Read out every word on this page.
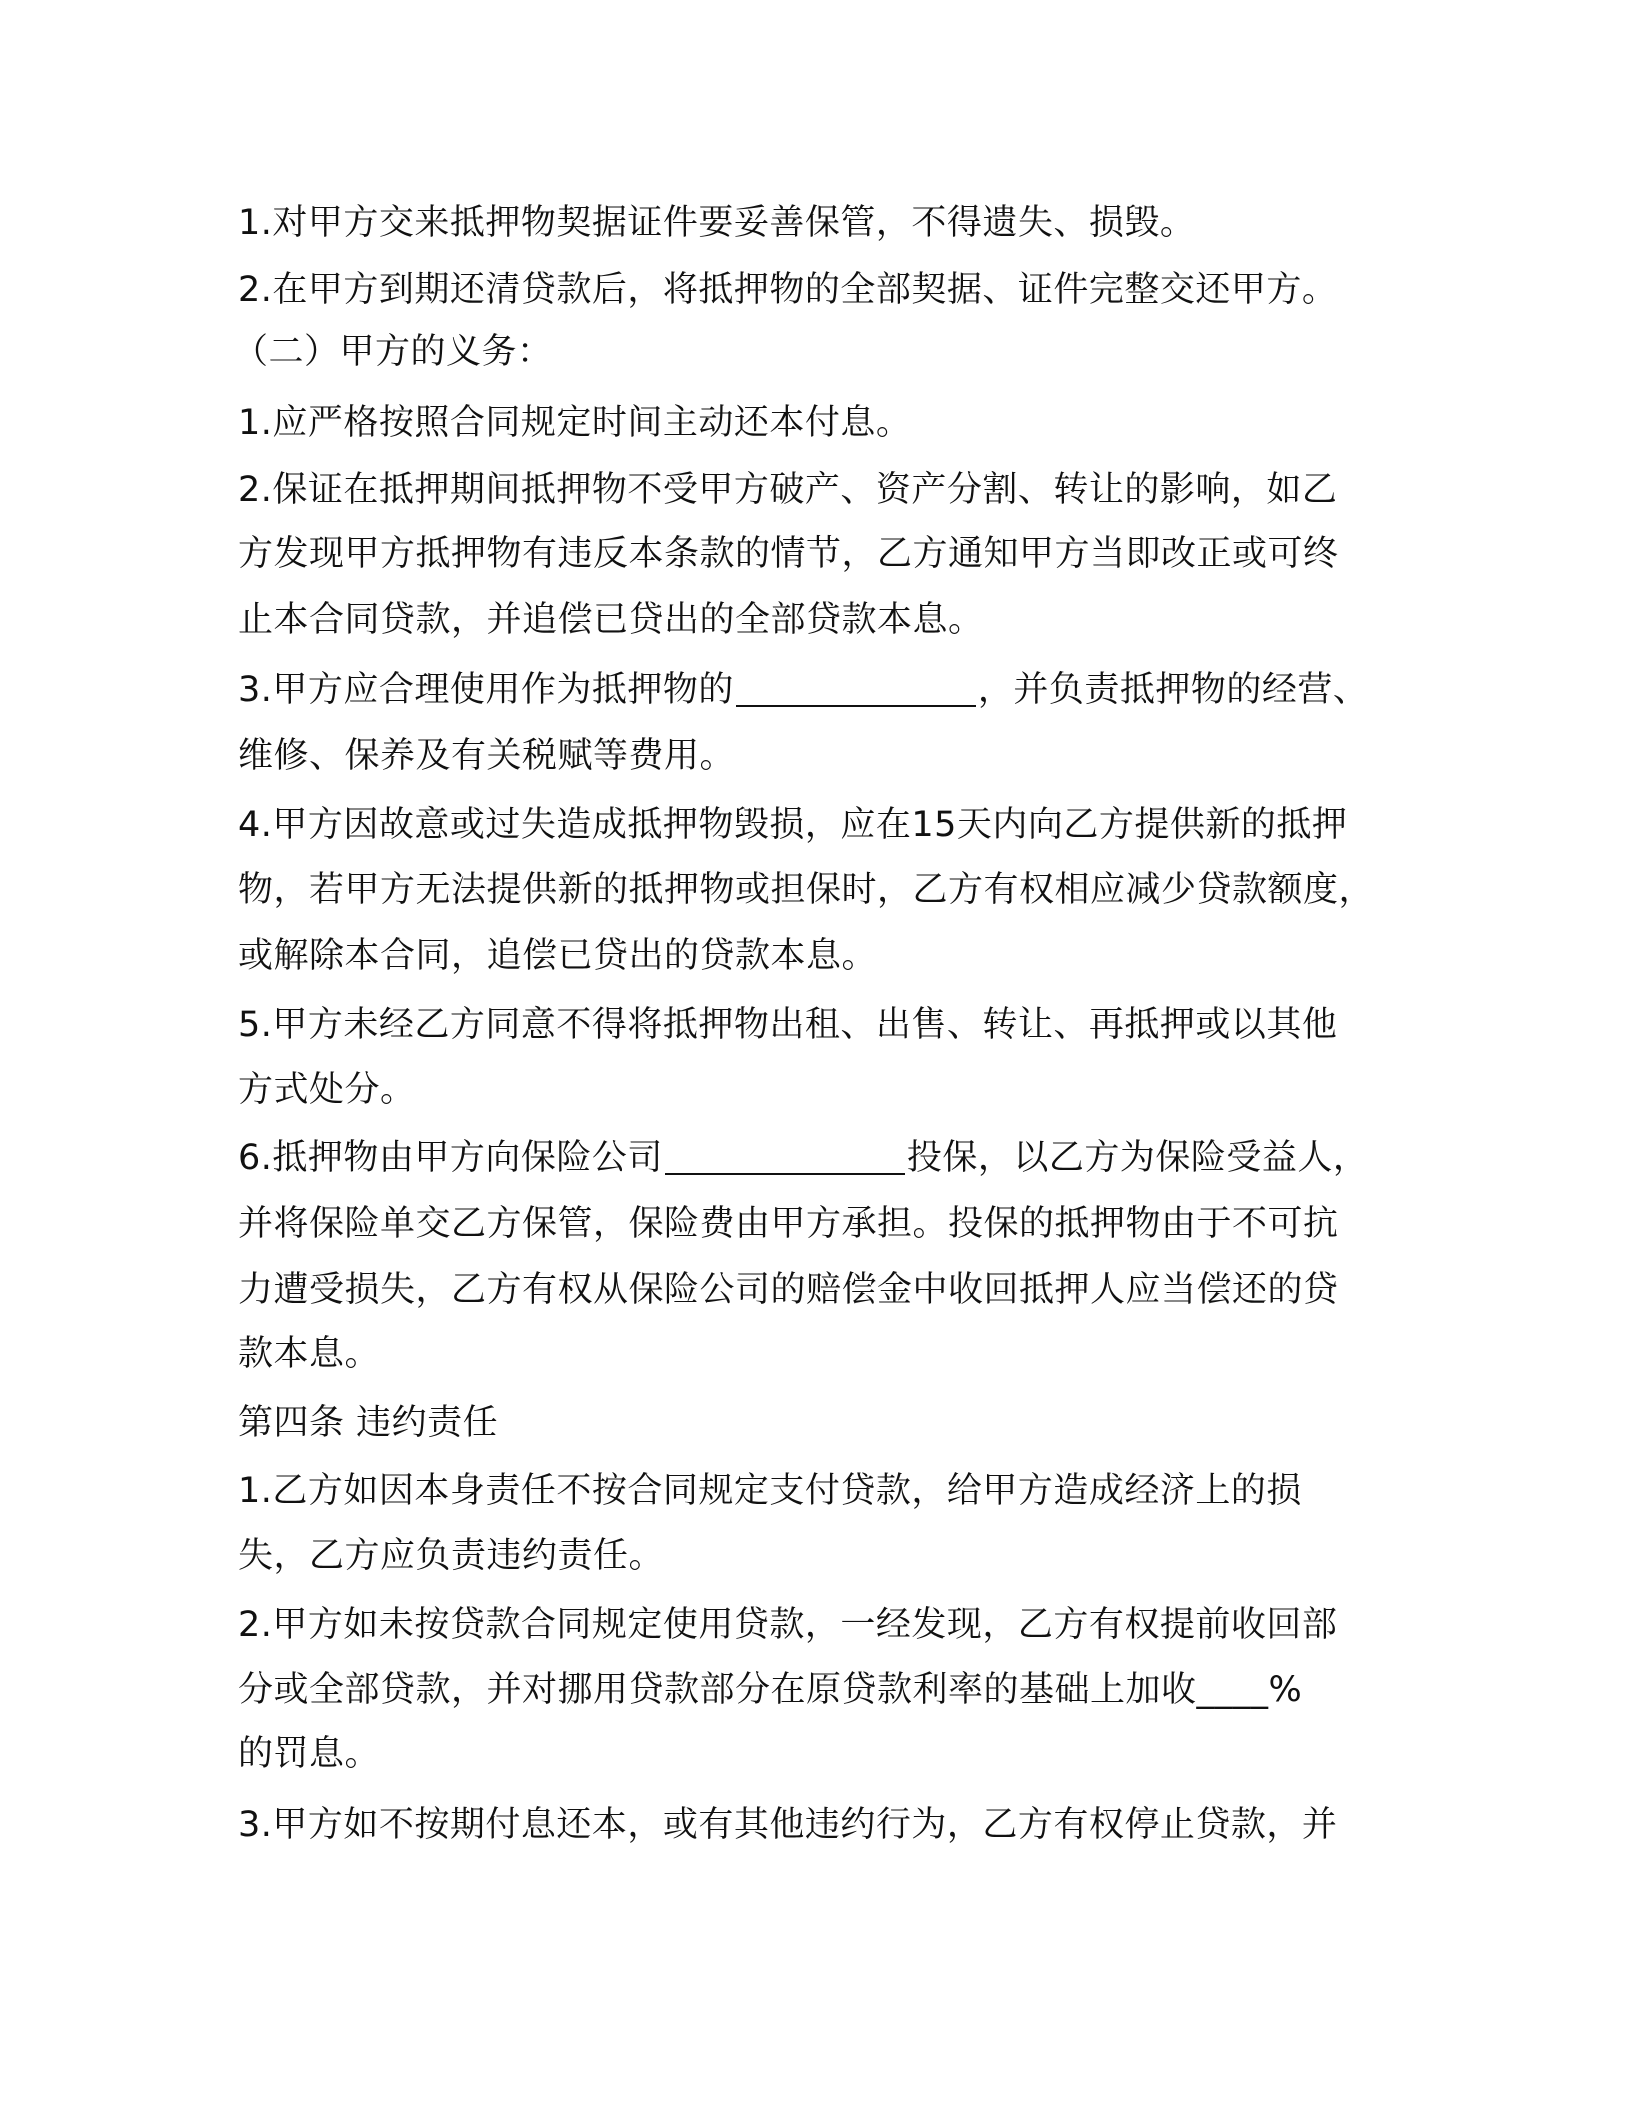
1.对甲方交来抵押物契据证件要妥善保管，不得遗失、损毁。
2.在甲方到期还清贷款后，将抵押物的全部契据、证件完整交还甲方。
（二）甲方的义务：
1.应严格按照合同规定时间主动还本付息。
2.保证在抵押期间抵押物不受甲方破产、资产分割、转让的影响，如乙
方发现甲方抵押物有违反本条款的情节，乙方通知甲方当即改正或可终
止本合同贷款，并追偿已贷出的全部贷款本息。
3.甲方应合理使用作为抵押物的	，并负责抵押物的经营、
维修、保养及有关税赋等费用。
4.甲方因故意或过失造成抵押物毁损，应在15天内向乙方提供新的抵押
物，若甲方无法提供新的抵押物或担保时，乙方有权相应减少贷款额度，
或解除本合同，追偿已贷出的贷款本息。
5.甲方未经乙方同意不得将抵押物出租、出售、转让、再抵押或以其他
方式处分。
6.抵押物由甲方向保险公司	投保，以乙方为保险受益人，
并将保险单交乙方保管，保险费由甲方承担。投保的抵押物由于不可抗
力遭受损失，乙方有权从保险公司的赔偿金中收回抵押人应当偿还的贷
款本息。
第四条 违约责任
1.乙方如因本身责任不按合同规定支付贷款，给甲方造成经济上的损
失，乙方应负责违约责任。
2.甲方如未按贷款合同规定使用贷款，一经发现，乙方有权提前收回部
分或全部贷款，并对挪用贷款部分在原贷款利率的基础上加收____%
的罚息。
3.甲方如不按期付息还本，或有其他违约行为，乙方有权停止贷款，并
